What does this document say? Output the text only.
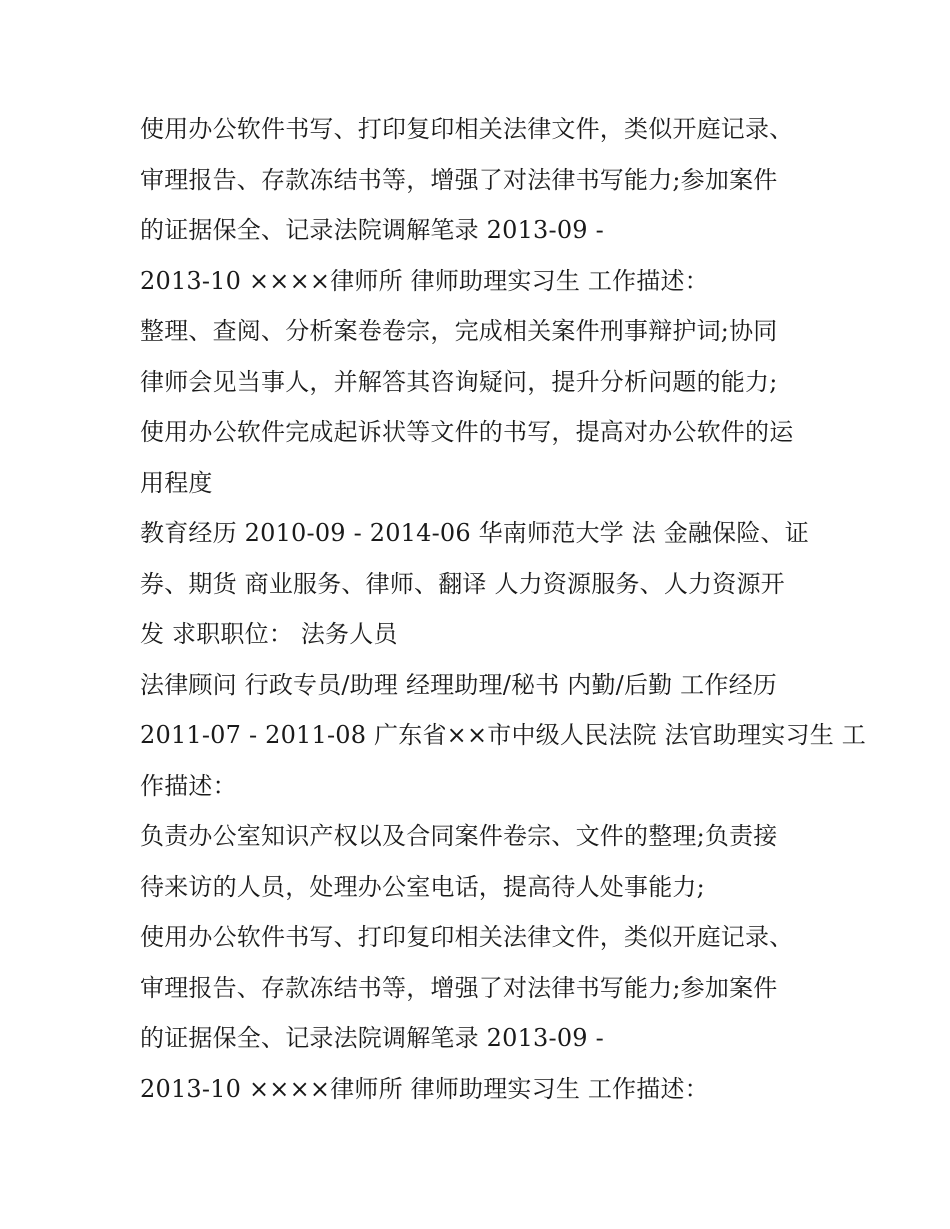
使用办公软件书写、打印复印相关法律文件，类似开庭记录、
审理报告、存款冻结书等，增强了对法律书写能力;参加案件
的证据保全、记录法院调解笔录 2013-09 -
2013-10 ××××律师所 律师助理实习生 工作描述：
整理、查阅、分析案卷卷宗，完成相关案件刑事辩护词;协同
律师会见当事人，并解答其咨询疑问，提升分析问题的能力;
使用办公软件完成起诉状等文件的书写，提高对办公软件的运
用程度
教育经历 2010-09 - 2014-06 华南师范大学 法 金融保险、证
券、期货 商业服务、律师、翻译 人力资源服务、人力资源开
发 求职职位： 法务人员
法律顾问 行政专员/助理 经理助理/秘书 内勤/后勤 工作经历
2011-07 - 2011-08 广东省××市中级人民法院 法官助理实习生 工
作描述：
负责办公室知识产权以及合同案件卷宗、文件的整理;负责接
待来访的人员，处理办公室电话，提高待人处事能力;
使用办公软件书写、打印复印相关法律文件，类似开庭记录、
审理报告、存款冻结书等，增强了对法律书写能力;参加案件
的证据保全、记录法院调解笔录 2013-09 -
2013-10 ××××律师所 律师助理实习生 工作描述：
